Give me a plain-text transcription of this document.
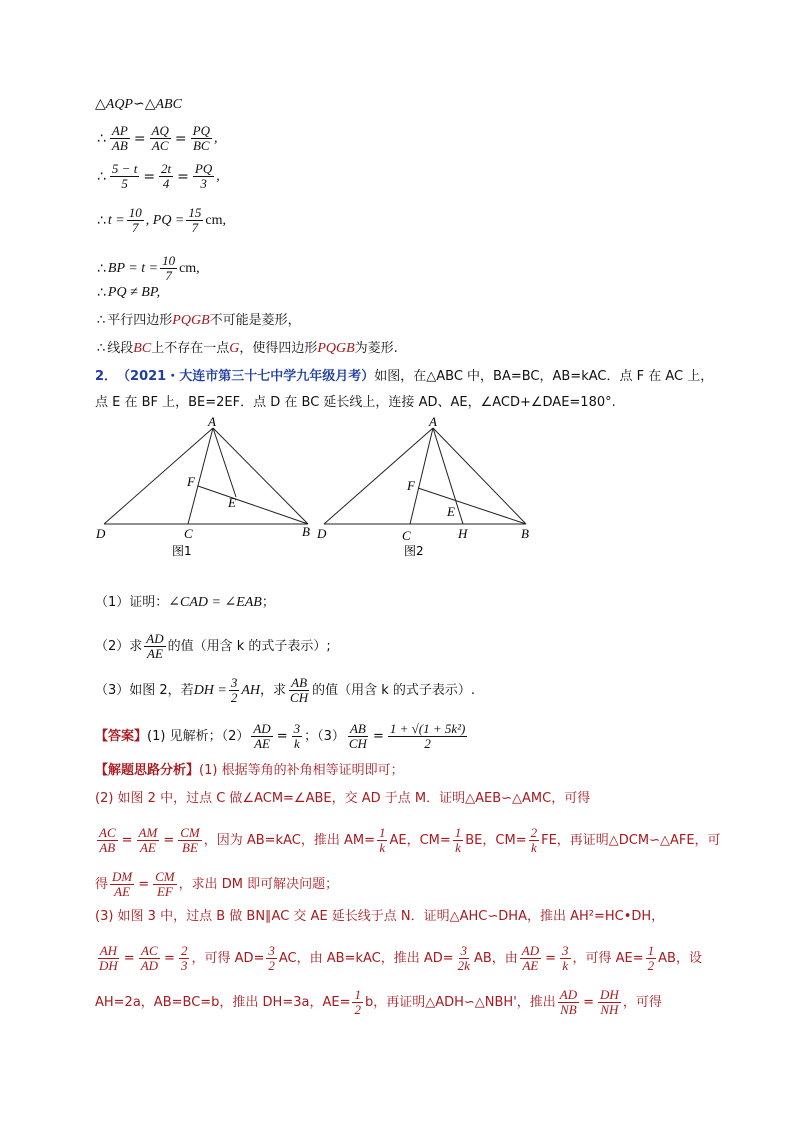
△AQP∽△ABC
∴ $\frac{AP}{AB} = \frac{AQ}{AC} = \frac{PQ}{BC}$ ,
∴ $\frac{5 - t}{5} = \frac{2t}{4} = \frac{PQ}{3}$ ,
∴ $t = \frac{10}{7}$ , PQ = $\frac{15}{7}$ cm,
∴ BP = $t = \frac{10}{7}$ cm,
∴ PQ ≠ BP,
∴ 平行四边形 PQGB 不可能是菱形，
∴ 线段 BC 上不存在一点 G ，使得四边形 PQGB 为菱形.
2． （2021・大连市第三十七中学九年级月考） 如图，在△ABC 中，BA=BC，AB=kAC．点 F 在 AC 上，
点 E 在 BF 上，BE=2EF．点 D 在 BC 延长线上，连接 AD、AE，∠ACD+∠DAE=180°.
A
F
E
D	C	B
图1
A
F
E
D	C	H	B
图2
（1）证明： ∠CAD = ∠EAB ；
（2）求 $\frac{AD}{AE}$ 的值（用含 k 的式子表示）;
（3）如图 2，若 DH = $\frac{3}{2}$ AH ，求 $\frac{AB}{CH}$ 的值（用含 k 的式子表示）.
【答案】 (1) 见解析；$(2) \frac{AD}{AE} = \frac{3}{k}$ ；$(3) \frac{AB}{CH} = \frac{\text{1 + √(1 + 5k²)}}{2}$
【解题思路分析】 (1) 根据等角的补角相等证明即可；
(2) 如图 2 中，过点 C 做∠ACM=∠ABE，交 AD 于点 M．证明△AEB∽△AMC，可得
$\frac{AC}{AB} = \frac{AM}{AE} = \frac{CM}{BE}$ ，因为 AB=kAC，推出 $AM= \frac{1}{k}$ AE，$CM= \frac{1}{k}$ BE，$CM= \frac{2}{k}$ FE，再证明△DCM∽△AFE，可
得 $\frac{DM}{AE} = \frac{CM}{EF}$ ，求出 DM 即可解决问题；
(3) 如图 3 中，过点 B 做 BN∥AC 交 AE 延长线于点 N．证明△AHC∽DHA，推出 AH²=HC•DH，
$\frac{AH}{DH} = \frac{AC}{AD} = \frac{2}{3}$ ，可得 $AD= \frac{3}{2}$ AC，由 AB=kAC，推出 $AD= \frac{3}{2k}$ AB，由 $\frac{AD}{AE} = \frac{3}{k}$ ，可得 $AE= \frac{1}{2}$ AB，设
AH=2a，AB=BC=b，推出 DH=3a，$AE= \frac{1}{2}$ b，再证明△ADH∽△NBH'，推出 $\frac{AD}{NB} = \frac{DH}{NH}$ ，可得
